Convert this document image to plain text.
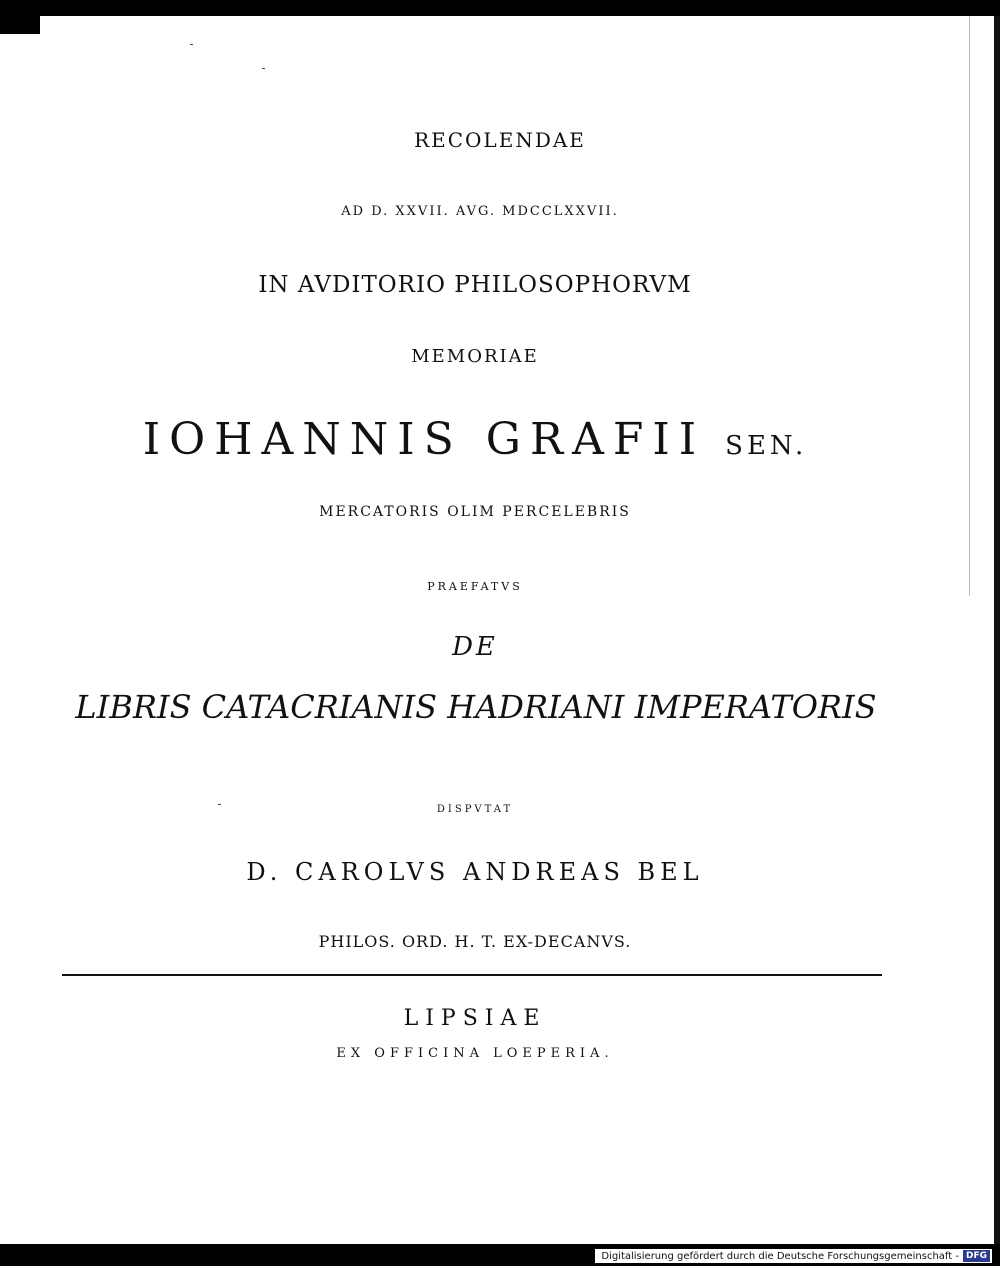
RECOLENDAE
AD D. XXVII. AVG. MDCCLXXVII.
IN AVDITORIO PHILOSOPHORVM
MEMORIAE
IOHANNIS GRAFII SEN.
MERCATORIS OLIM PERCELEBRIS
PRAEFATVS
DE
LIBRIS CATACRIANIS HADRIANI IMPERATORIS
DISPVTAT
D. CAROLVS ANDREAS BEL
PHILOS. ORD. H. T. EX-DECANVS.
LIPSIAE
EX OFFICINA LOEPERIA.
Digitalisierung gefördert durch die Deutsche Forschungsgemeinschaft - DFG
